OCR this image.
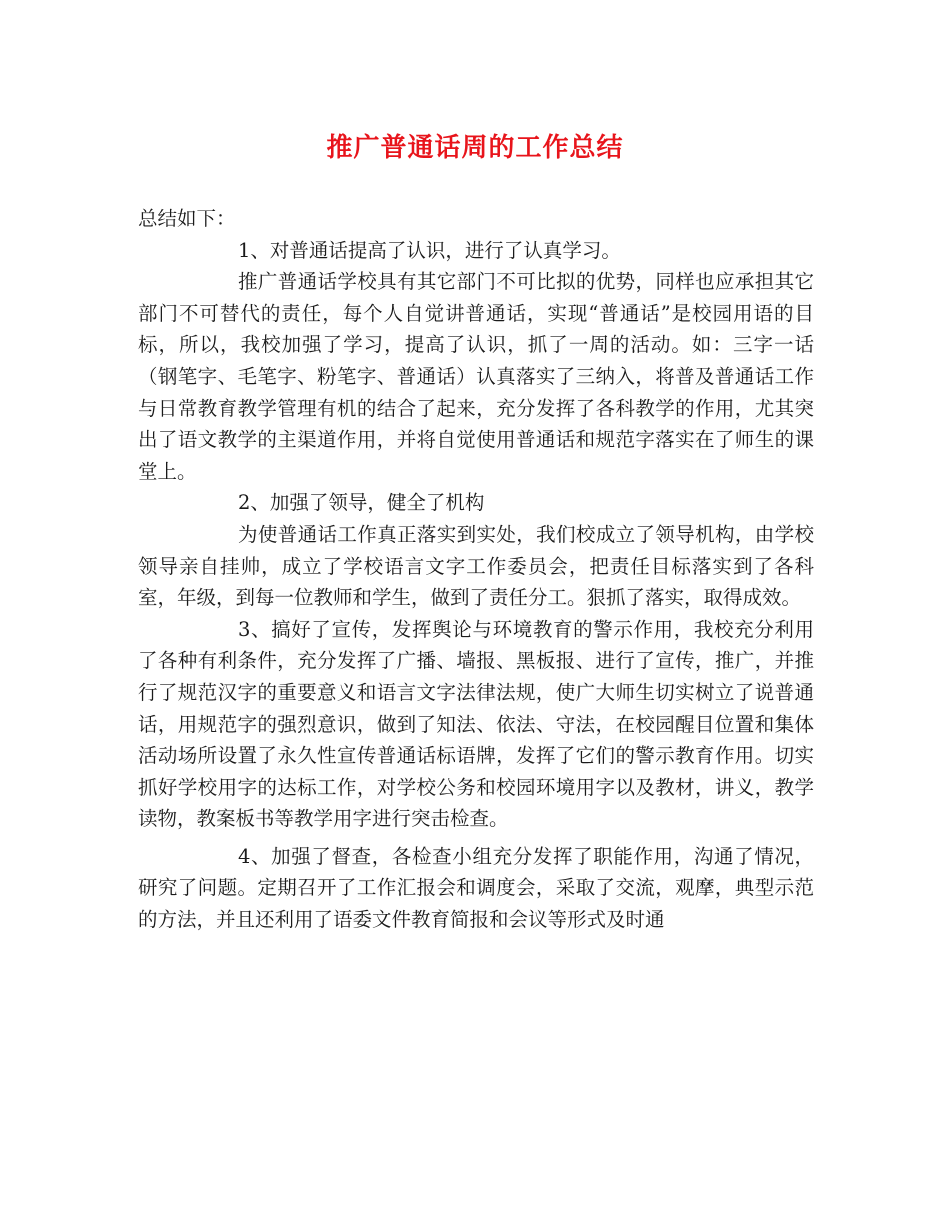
推广普通话周的工作总结

总结如下：

1、对普通话提高了认识，进行了认真学习。

推广普通话学校具有其它部门不可比拟的优势，同样也应承担其它部门不可替代的责任，每个人自觉讲普通话，实现“普通话”是校园用语的目标，所以，我校加强了学习，提高了认识，抓了一周的活动。如：三字一话（钢笔字、毛笔字、粉笔字、普通话）认真落实了三纳入，将普及普通话工作与日常教育教学管理有机的结合了起来，充分发挥了各科教学的作用，尤其突出了语文教学的主渠道作用，并将自觉使用普通话和规范字落实在了师生的课堂上。

2、加强了领导，健全了机构

为使普通话工作真正落实到实处，我们校成立了领导机构，由学校领导亲自挂帅，成立了学校语言文字工作委员会，把责任目标落实到了各科室，年级，到每一位教师和学生，做到了责任分工。狠抓了落实，取得成效。

3、搞好了宣传，发挥舆论与环境教育的警示作用，我校充分利用了各种有利条件，充分发挥了广播、墙报、黑板报、进行了宣传，推广，并推行了规范汉字的重要意义和语言文字法律法规，使广大师生切实树立了说普通话，用规范字的强烈意识，做到了知法、依法、守法，在校园醒目位置和集体活动场所设置了永久性宣传普通话标语牌，发挥了它们的警示教育作用。切实抓好学校用字的达标工作，对学校公务和校园环境用字以及教材，讲义，教学读物，教案板书等教学用字进行突击检查。

4、加强了督查，各检查小组充分发挥了职能作用，沟通了情况，研究了问题。定期召开了工作汇报会和调度会，采取了交流，观摩，典型示范的方法，并且还利用了语委文件教育简报和会议等形式及时通
